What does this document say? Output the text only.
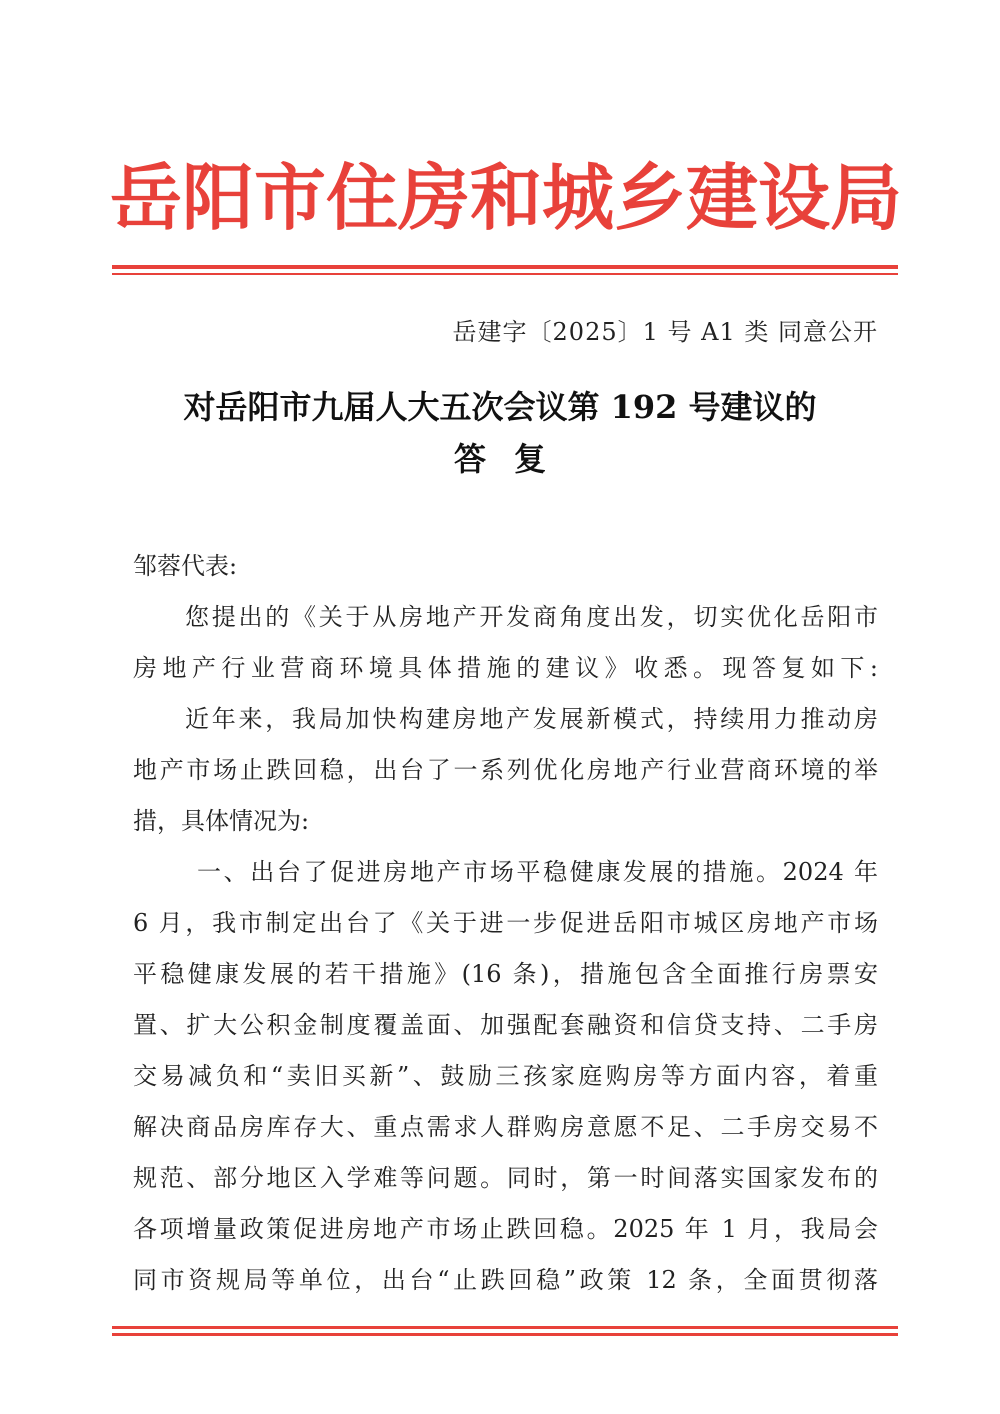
岳阳市住房和城乡建设局
岳建字〔2025〕1 号 A1 类 同意公开
对岳阳市九届人大五次会议第 192 号建议的
答复
邹蓉代表:
您提出的《关于从房地产开发商角度出发，切实优化岳阳市
房地产行业营商环境具体措施的建议》收悉。现答复如下:
近年来，我局加快构建房地产发展新模式，持续用力推动房
地产市场止跌回稳，出台了一系列优化房地产行业营商环境的举
措，具体情况为:
一、出台了促进房地产市场平稳健康发展的措施。2024 年
6 月，我市制定出台了《关于进一步促进岳阳市城区房地产市场
平稳健康发展的若干措施》(16 条)，措施包含全面推行房票安
置、扩大公积金制度覆盖面、加强配套融资和信贷支持、二手房
交易减负和“卖旧买新”、鼓励三孩家庭购房等方面内容，着重
解决商品房库存大、重点需求人群购房意愿不足、二手房交易不
规范、部分地区入学难等问题。同时，第一时间落实国家发布的
各项增量政策促进房地产市场止跌回稳。2025 年 1 月，我局会
同市资规局等单位，出台“止跌回稳”政策 12 条，全面贯彻落
